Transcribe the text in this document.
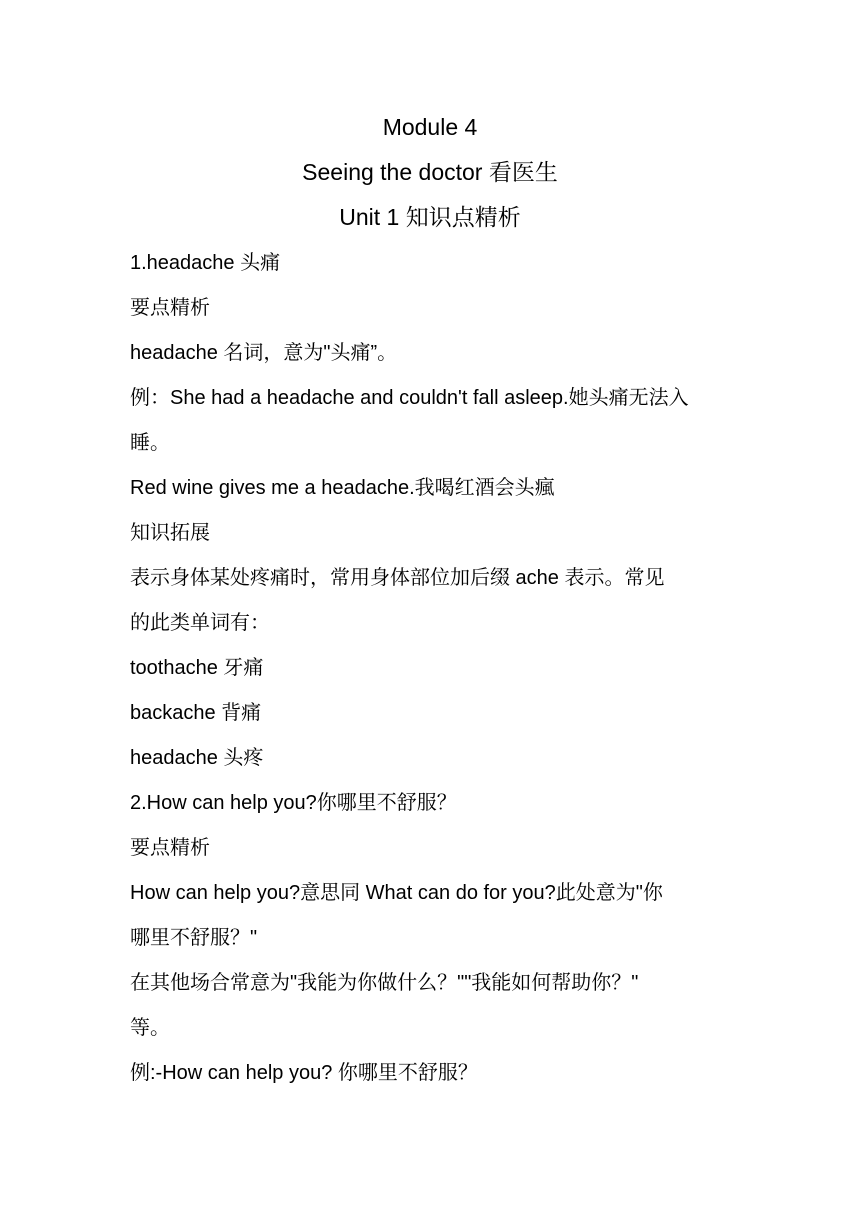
Module 4
Seeing the doctor 看医生
Unit 1 知识点精析
1.headache 头痛
要点精析
headache 名词，意为"头痛”。
例：She had a headache and couldn't fall asleep.她头痛无法入
睡。
Red wine gives me a headache.我喝红酒会头瘋
知识拓展
表示身体某处疼痛时，常用身体部位加后缀 ache 表示。常见
的此类单词有：
toothache 牙痛
backache 背痛
headache 头疼
2.How can help you?你哪里不舒服？
要点精析
How can help you?意思同 What can do for you?此处意为"你
哪里不舒服？"
在其他场合常意为"我能为你做什么？""我能如何帮助你？"
等。
例:-How can help you? 你哪里不舒服？
